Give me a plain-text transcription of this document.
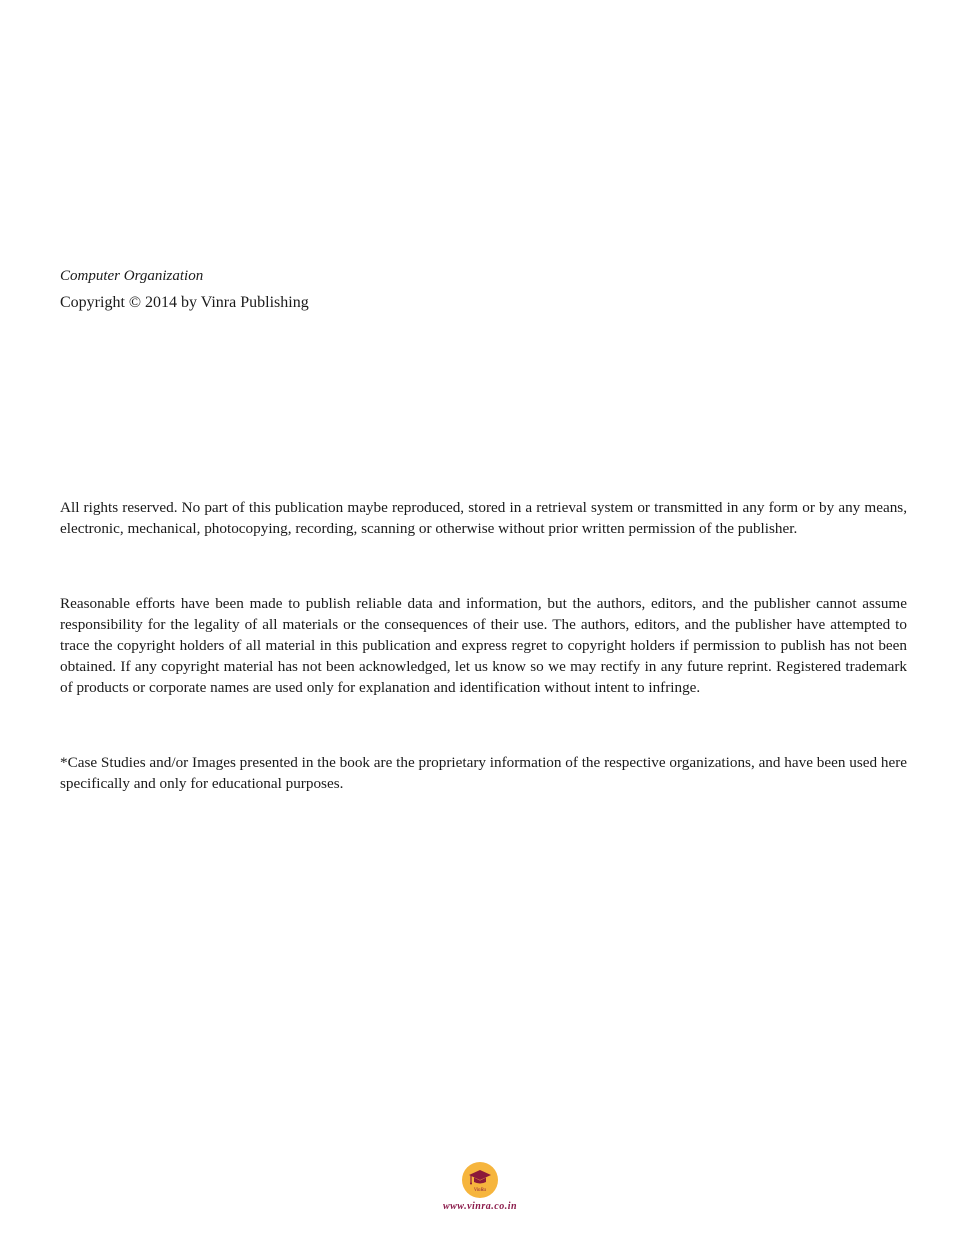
Computer Organization

Copyright © 2014 by Vinra Publishing

All rights reserved. No part of this publication maybe reproduced, stored in a retrieval system or transmitted in any form or by any means, electronic, mechanical, photocopying, recording, scanning or otherwise without prior written permission of the publisher.

Reasonable efforts have been made to publish reliable data and information, but the authors, editors, and the publisher cannot assume responsibility for the legality of all materials or the consequences of their use. The authors, editors, and the publisher have attempted to trace the copyright holders of all material in this publication and express regret to copyright holders if permission to publish has not been obtained. If any copyright material has not been acknowledged, let us know so we may rectify in any future reprint. Registered trademark of products or corporate names are used only for explanation and identification without intent to infringe.

*Case Studies and/or Images presented in the book are the proprietary information of the respective organizations, and have been used here specifically and only for educational purposes.

VinRa
www.vinra.co.in
